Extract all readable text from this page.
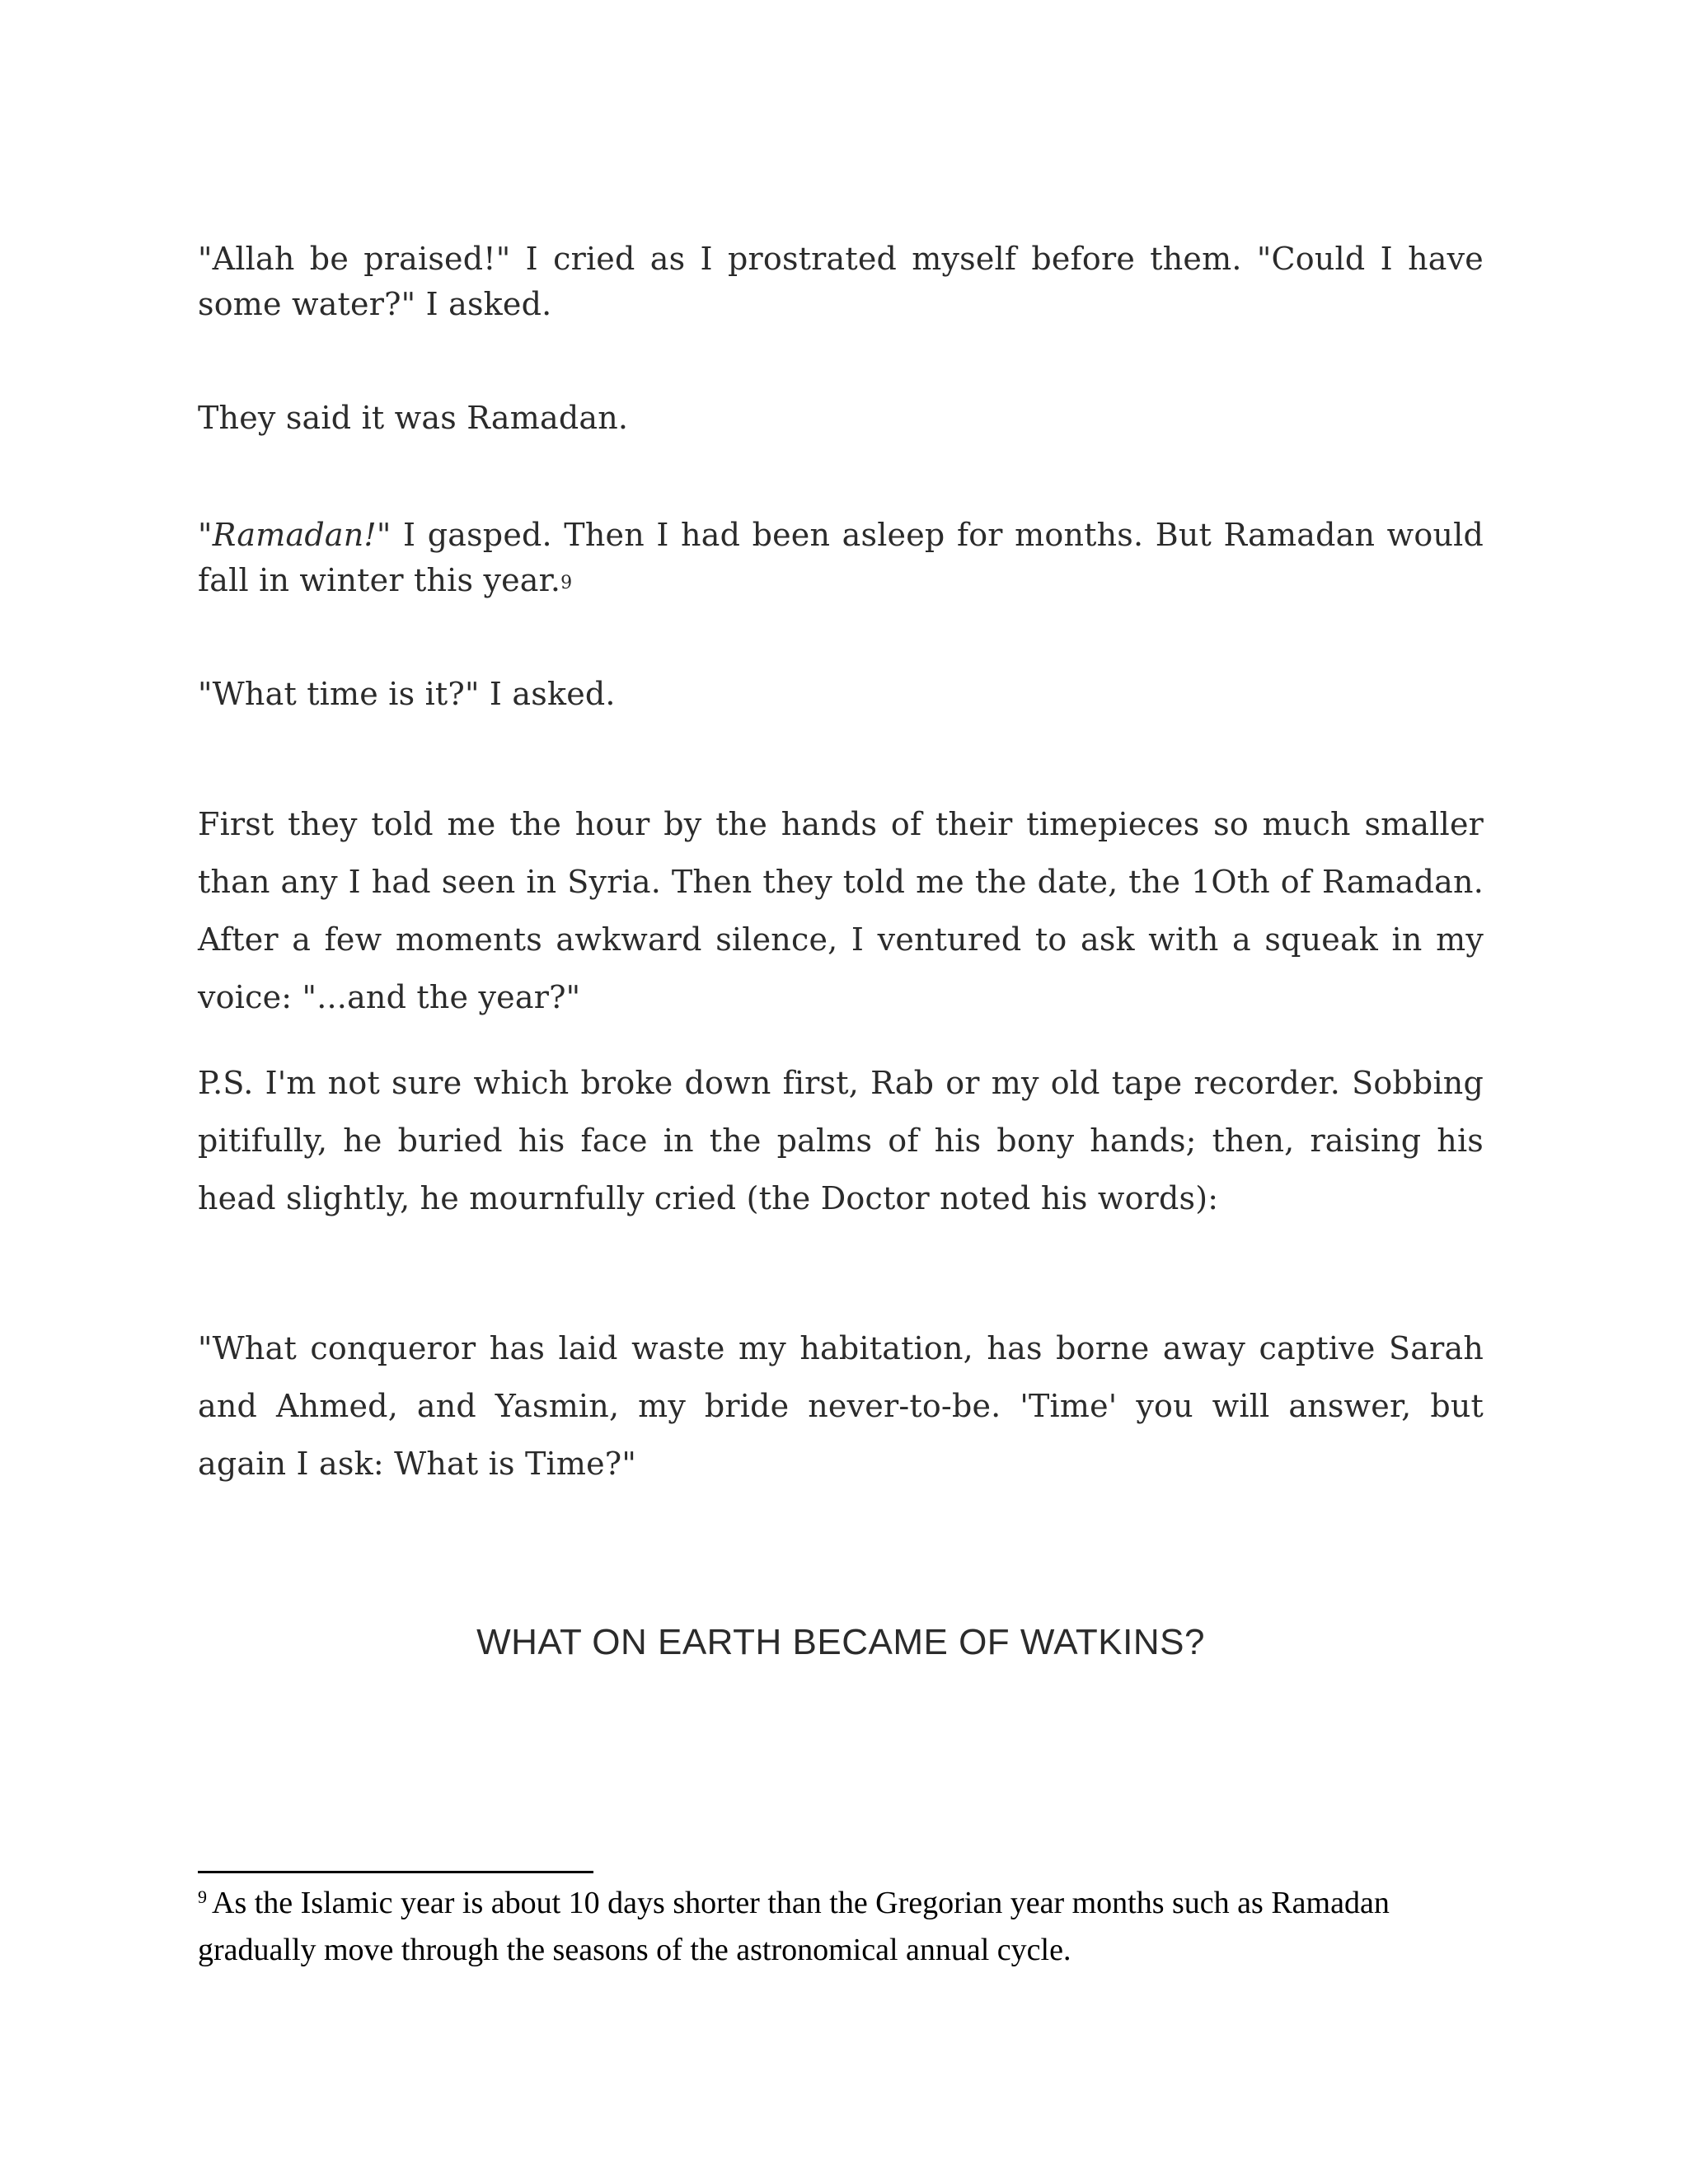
"Allah be praised!" I cried as I prostrated myself before them. "Could I have some water?" I asked.

They said it was Ramadan.

"Ramadan!" I gasped. Then I had been asleep for months. But Ramadan would fall in winter this year.$^9$

"What time is it?" I asked.

First they told me the hour by the hands of their timepieces so much smaller than any I had seen in Syria. Then they told me the date, the 1Oth of Ramadan. After a few moments awkward silence, I ventured to ask with a squeak in my voice: "...and the year?"

P.S. I'm not sure which broke down first, Rab or my old tape recorder. Sobbing pitifully, he buried his face in the palms of his bony hands; then, raising his head slightly, he mournfully cried (the Doctor noted his words):

"What conqueror has laid waste my habitation, has borne away captive Sarah and Ahmed, and Yasmin, my bride never-to-be. 'Time' you will answer, but again I ask: What is Time?"

WHAT ON EARTH BECAME OF WATKINS?

$^9$ As the Islamic year is about 10 days shorter than the Gregorian year months such as Ramadan gradually move through the seasons of the astronomical annual cycle.
